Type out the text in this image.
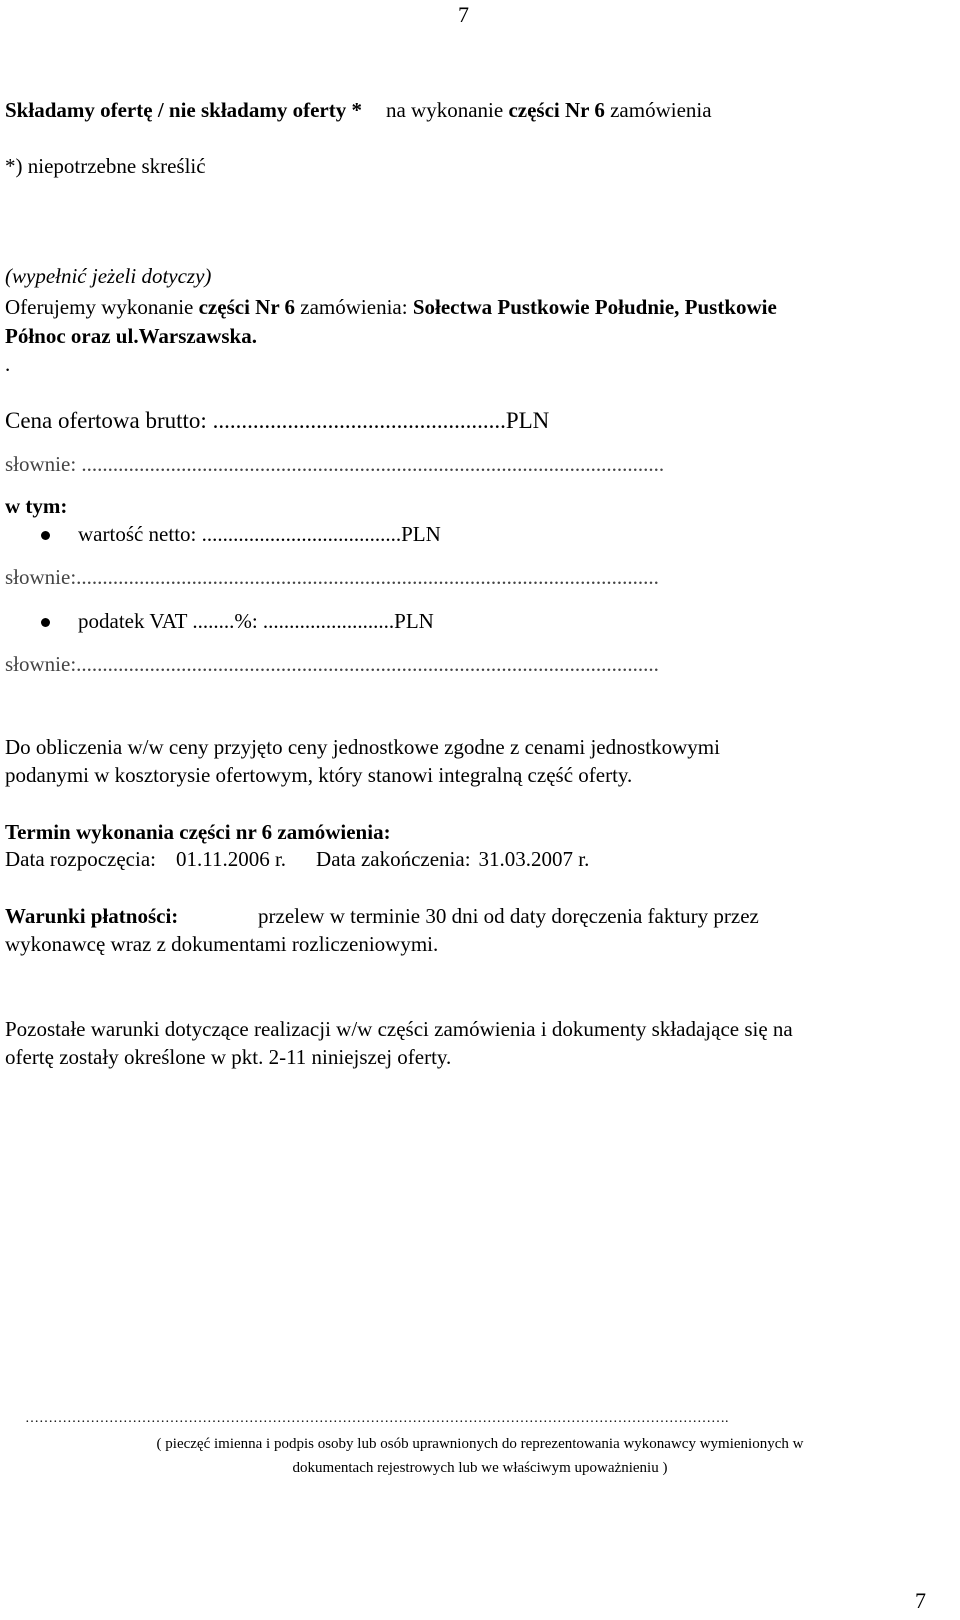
7
Składamy ofertę / nie składamy oferty * na wykonanie części Nr 6 zamówienia
*) niepotrzebne skreślić
(wypełnić jeżeli dotyczy)
Oferujemy wykonanie części Nr 6 zamówienia: Sołectwa Pustkowie Południe, Pustkowie
Północ oraz ul.Warszawska.
.
Cena ofertowa brutto: ...................................................PLN
słownie: ...............................................................................................................
w tym:
wartość netto: ......................................PLN
słownie:...............................................................................................................
podatek VAT ........%: .........................PLN
słownie:...............................................................................................................
Do obliczenia w/w ceny przyjęto ceny jednostkowe zgodne z cenami jednostkowymi
podanymi w kosztorysie ofertowym, który stanowi integralną część oferty.
Termin wykonania części nr 6 zamówienia:
Data rozpoczęcia: 01.11.2006 r. Data zakończenia: 31.03.2007 r.
Warunki płatności:	przelew w terminie 30 dni od daty doręczenia faktury przez
wykonawcę wraz z dokumentami rozliczeniowymi.
Pozostałe warunki dotyczące realizacji w/w części zamówienia i dokumenty składające się na
ofertę zostały określone w pkt. 2-11 niniejszej oferty.
…………………………………………………………………………………………………………………………………….
( pieczęć imienna i podpis osoby lub osób uprawnionych do reprezentowania wykonawcy wymienionych w
dokumentach rejestrowych lub we właściwym upoważnieniu )
7
